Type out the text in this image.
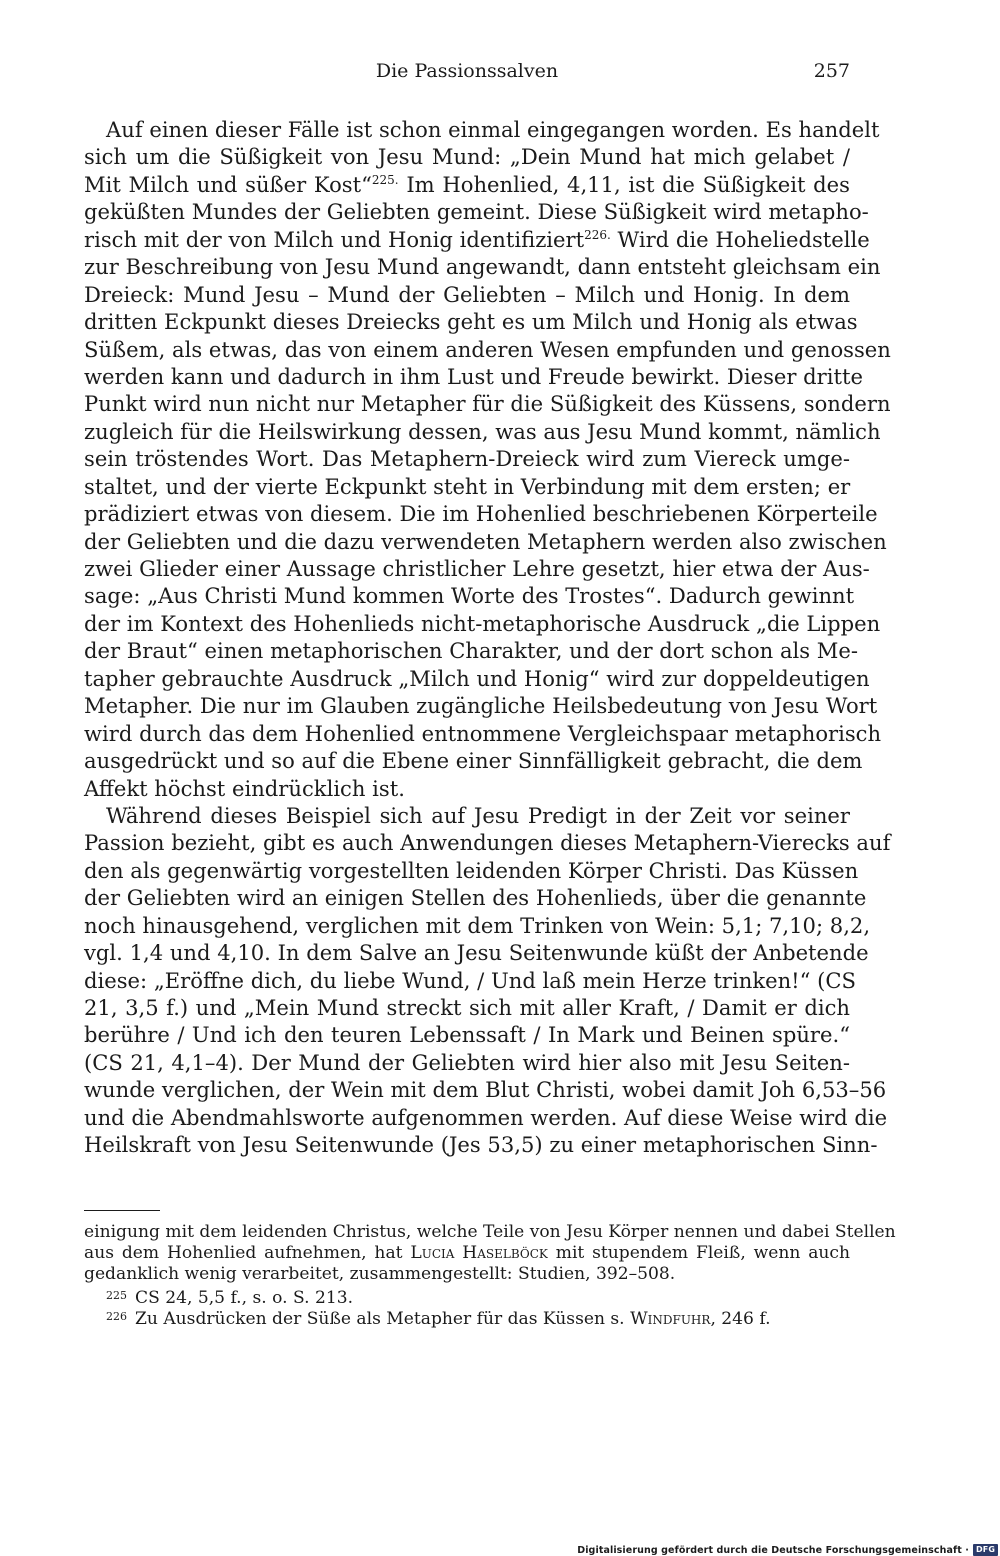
Die Passionssalven	257
Auf einen dieser Fälle ist schon einmal eingegangen worden. Es handelt
sich um die Süßigkeit von Jesu Mund: „Dein Mund hat mich gelabet /
Mit Milch und süßer Kost“$^{225.}$ Im Hohenlied, 4,11, ist die Süßigkeit des
geküßten Mundes der Geliebten gemeint. Diese Süßigkeit wird metapho-
risch mit der von Milch und Honig identifiziert$^{226.}$ Wird die Hoheliedstelle
zur Beschreibung von Jesu Mund angewandt, dann entsteht gleichsam ein
Dreieck: Mund Jesu – Mund der Geliebten – Milch und Honig. In dem
dritten Eckpunkt dieses Dreiecks geht es um Milch und Honig als etwas
Süßem, als etwas, das von einem anderen Wesen empfunden und genossen
werden kann und dadurch in ihm Lust und Freude bewirkt. Dieser dritte
Punkt wird nun nicht nur Metapher für die Süßigkeit des Küssens, sondern
zugleich für die Heilswirkung dessen, was aus Jesu Mund kommt, nämlich
sein tröstendes Wort. Das Metaphern-Dreieck wird zum Viereck umge-
staltet, und der vierte Eckpunkt steht in Verbindung mit dem ersten; er
prädiziert etwas von diesem. Die im Hohenlied beschriebenen Körperteile
der Geliebten und die dazu verwendeten Metaphern werden also zwischen
zwei Glieder einer Aussage christlicher Lehre gesetzt, hier etwa der Aus-
sage: „Aus Christi Mund kommen Worte des Trostes“. Dadurch gewinnt
der im Kontext des Hohenlieds nicht-metaphorische Ausdruck „die Lippen
der Braut“ einen metaphorischen Charakter, und der dort schon als Me-
tapher gebrauchte Ausdruck „Milch und Honig“ wird zur doppeldeutigen
Metapher. Die nur im Glauben zugängliche Heilsbedeutung von Jesu Wort
wird durch das dem Hohenlied entnommene Vergleichspaar metaphorisch
ausgedrückt und so auf die Ebene einer Sinnfälligkeit gebracht, die dem
Affekt höchst eindrücklich ist.
Während dieses Beispiel sich auf Jesu Predigt in der Zeit vor seiner
Passion bezieht, gibt es auch Anwendungen dieses Metaphern-Vierecks auf
den als gegenwärtig vorgestellten leidenden Körper Christi. Das Küssen
der Geliebten wird an einigen Stellen des Hohenlieds, über die genannte
noch hinausgehend, verglichen mit dem Trinken von Wein: 5,1; 7,10; 8,2,
vgl. 1,4 und 4,10. In dem Salve an Jesu Seitenwunde küßt der Anbetende
diese: „Eröffne dich, du liebe Wund, / Und laß mein Herze trinken!“ (CS
21, 3,5 f.) und „Mein Mund streckt sich mit aller Kraft, / Damit er dich
berühre / Und ich den teuren Lebenssaft / In Mark und Beinen spüre.“
(CS 21, 4,1–4). Der Mund der Geliebten wird hier also mit Jesu Seiten-
wunde verglichen, der Wein mit dem Blut Christi, wobei damit Joh 6,53–56
und die Abendmahlsworte aufgenommen werden. Auf diese Weise wird die
Heilskraft von Jesu Seitenwunde (Jes 53,5) zu einer metaphorischen Sinn-
einigung mit dem leidenden Christus, welche Teile von Jesu Körper nennen und dabei Stellen
aus dem Hohenlied aufnehmen, hat Lucia Haselböck mit stupendem Fleiß, wenn auch
gedanklich wenig verarbeitet, zusammengestellt: Studien, 392–508.
$^{225}$ CS 24, 5,5 f., s. o. S. 213.
$^{226}$ Zu Ausdrücken der Süße als Metapher für das Küssen s. Windfuhr, 246 f.
Digitalisierung gefördert durch die Deutsche Forschungsgemeinschaft · DFG
